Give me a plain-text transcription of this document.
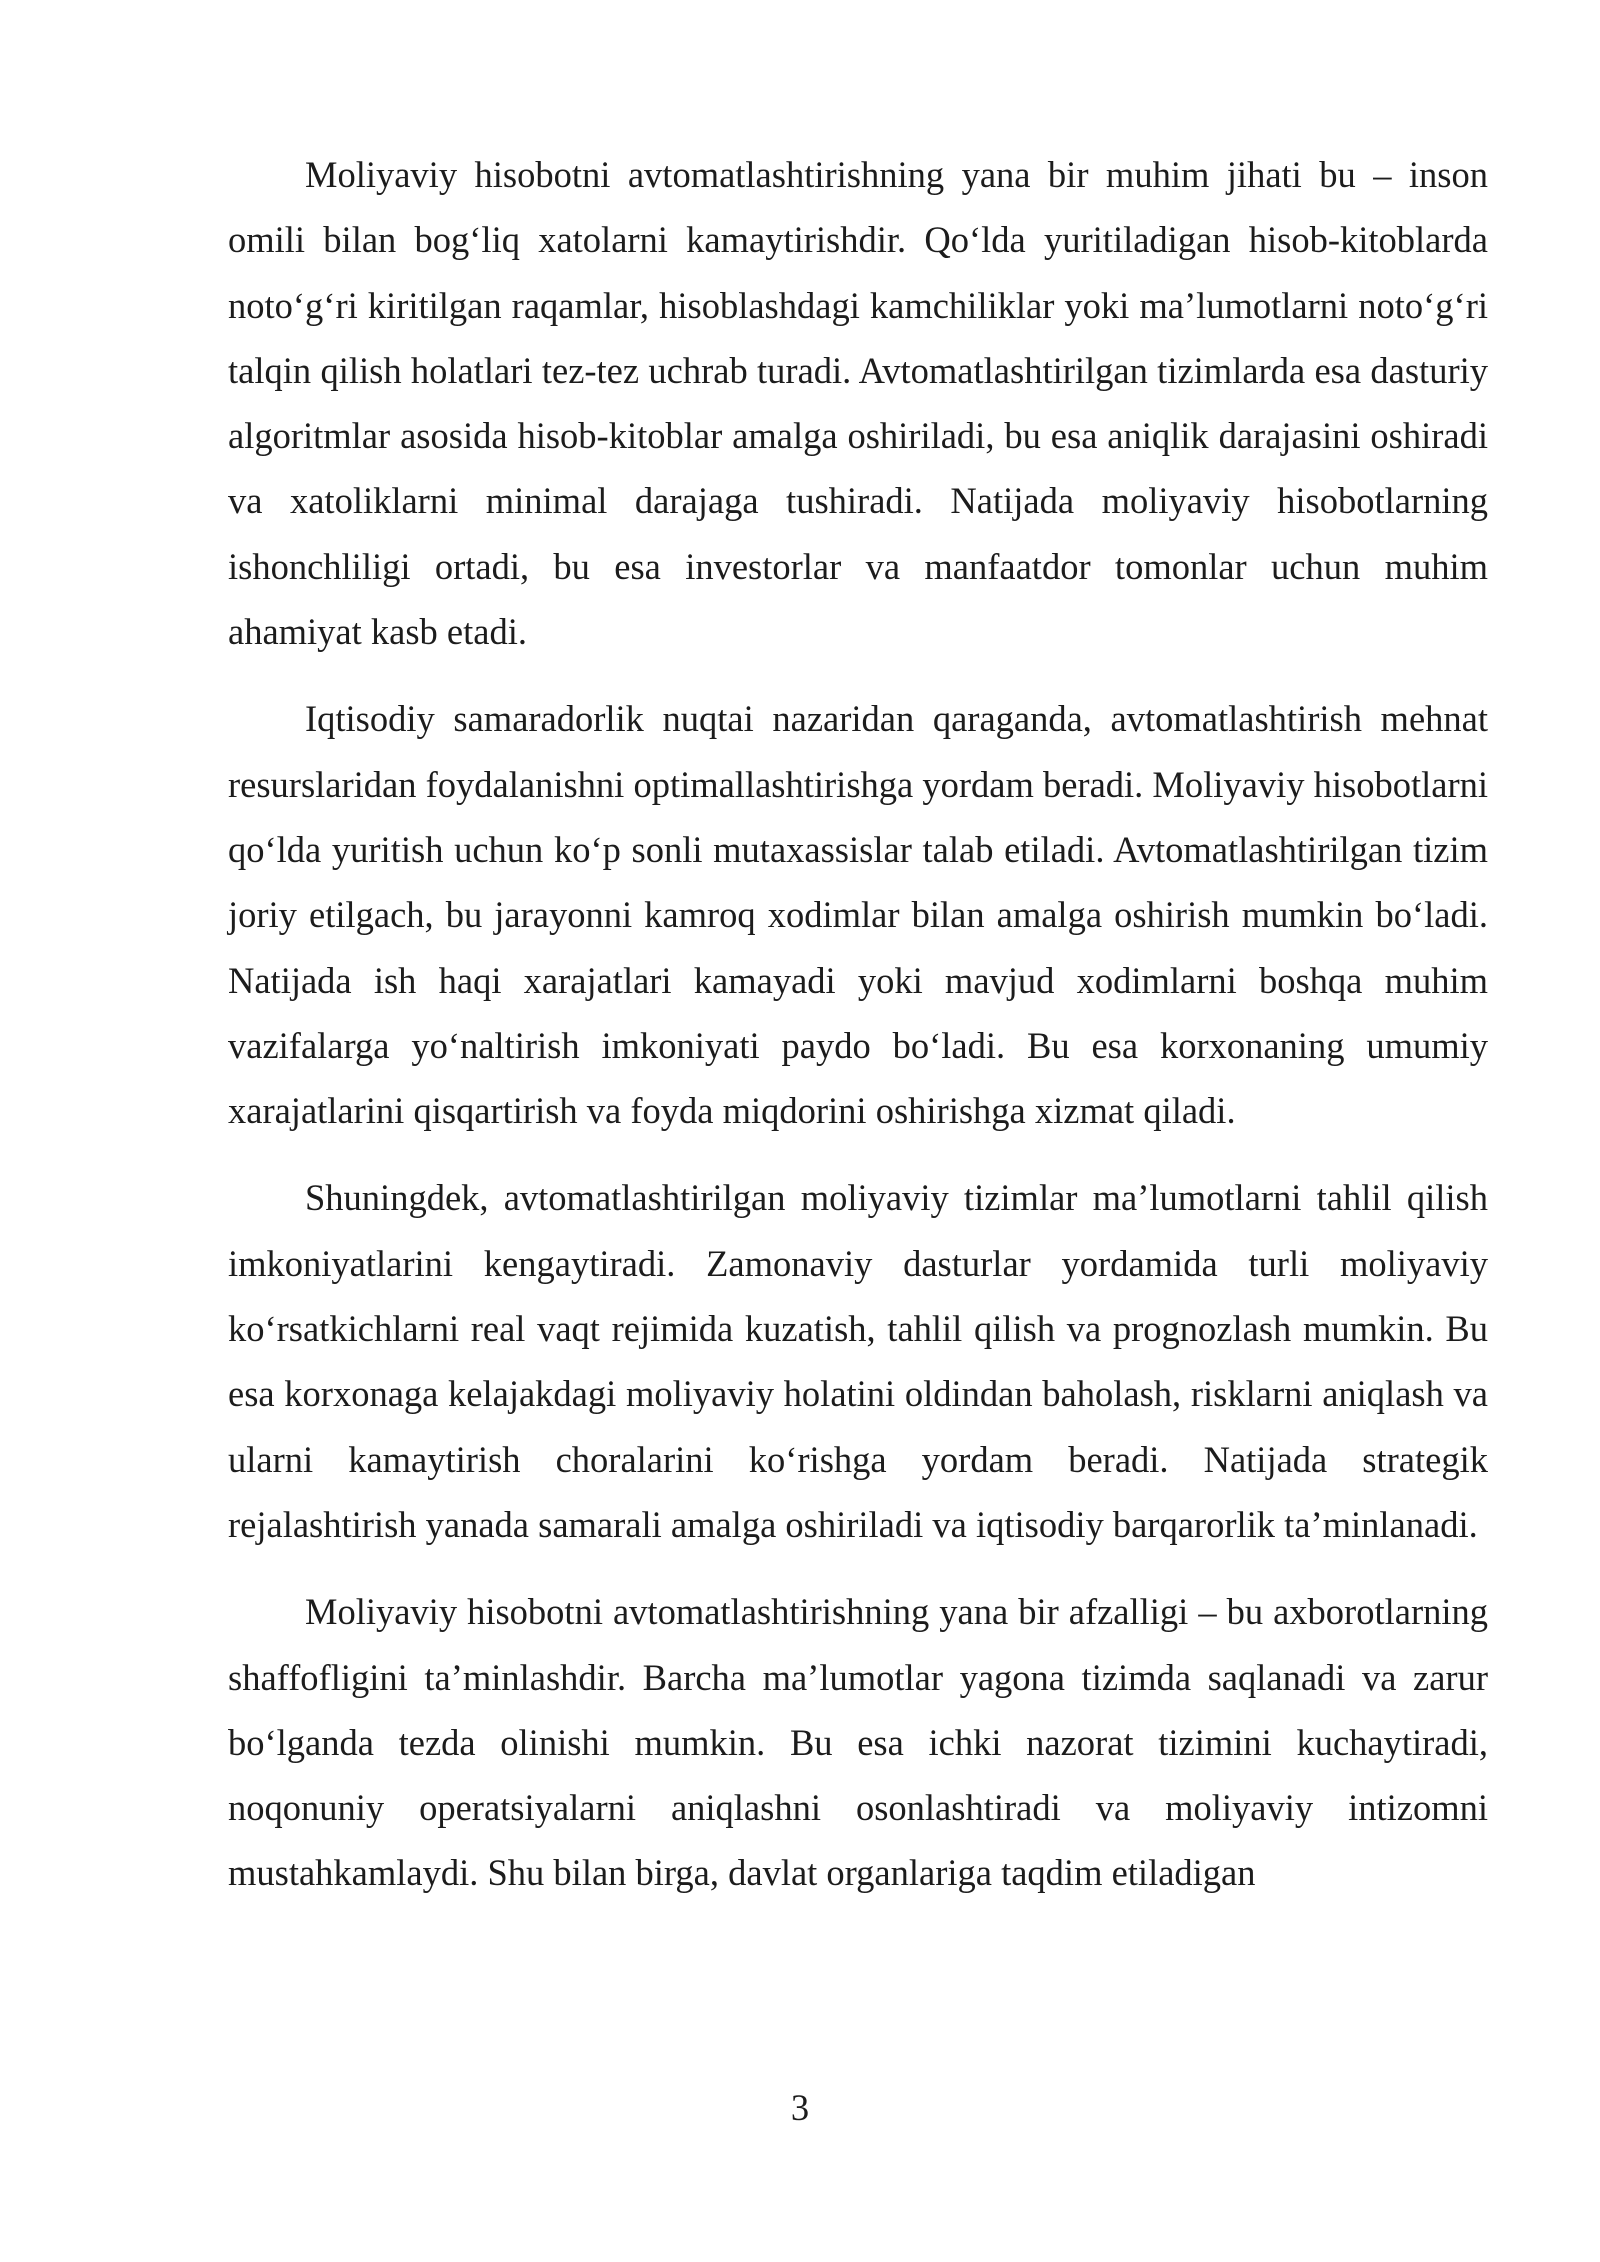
Moliyaviy hisobotni avtomatlashtirishning yana bir muhim jihati bu – inson omili bilan bog‘liq xatolarni kamaytirishdir. Qo‘lda yuritiladigan hisob-kitoblarda noto‘g‘ri kiritilgan raqamlar, hisoblashdagi kamchiliklar yoki ma’lumotlarni noto‘g‘ri talqin qilish holatlari tez-tez uchrab turadi. Avtomatlashtirilgan tizimlarda esa dasturiy algoritmlar asosida hisob-kitoblar amalga oshiriladi, bu esa aniqlik darajasini oshiradi va xatoliklarni minimal darajaga tushiradi. Natijada moliyaviy hisobotlarning ishonchliligi ortadi, bu esa investorlar va manfaatdor tomonlar uchun muhim ahamiyat kasb etadi.

Iqtisodiy samaradorlik nuqtai nazaridan qaraganda, avtomatlashtirish mehnat resurslaridan foydalanishni optimallashtirishga yordam beradi. Moliyaviy hisobotlarni qo‘lda yuritish uchun ko‘p sonli mutaxassislar talab etiladi. Avtomatlashtirilgan tizim joriy etilgach, bu jarayonni kamroq xodimlar bilan amalga oshirish mumkin bo‘ladi. Natijada ish haqi xarajatlari kamayadi yoki mavjud xodimlarni boshqa muhim vazifalarga yo‘naltirish imkoniyati paydo bo‘ladi. Bu esa korxonaning umumiy xarajatlarini qisqartirish va foyda miqdorini oshirishga xizmat qiladi.

Shuningdek, avtomatlashtirilgan moliyaviy tizimlar ma’lumotlarni tahlil qilish imkoniyatlarini kengaytiradi. Zamonaviy dasturlar yordamida turli moliyaviy ko‘rsatkichlarni real vaqt rejimida kuzatish, tahlil qilish va prognozlash mumkin. Bu esa korxonaga kelajakdagi moliyaviy holatini oldindan baholash, risklarni aniqlash va ularni kamaytirish choralarini ko‘rishga yordam beradi. Natijada strategik rejalashtirish yanada samarali amalga oshiriladi va iqtisodiy barqarorlik ta’minlanadi.

Moliyaviy hisobotni avtomatlashtirishning yana bir afzalligi – bu axborotlarning shaffofligini ta’minlashdir. Barcha ma’lumotlar yagona tizimda saqlanadi va zarur bo‘lganda tezda olinishi mumkin. Bu esa ichki nazorat tizimini kuchaytiradi, noqonuniy operatsiyalarni aniqlashni osonlashtiradi va moliyaviy intizomni mustahkamlaydi. Shu bilan birga, davlat organlariga taqdim etiladigan

3
